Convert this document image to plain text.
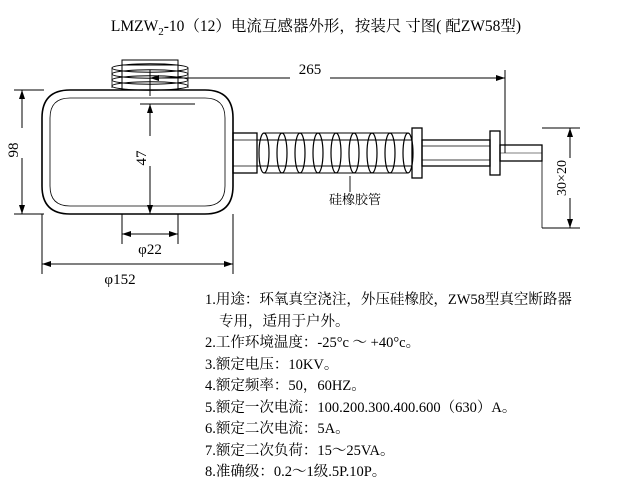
$LMZW_2-10(12)$电流互感器外形，按装尺 寸图( 配ZW58型)
265
98
47
φ22
φ152
30×20
硅橡胶管
1.用途：环氧真空浇注，外压硅橡胶，ZW58型真空断路器
专用，适用于户外。
2.工作环境温度：-25°c 〜 +40°c。
3.额定电压：10KV。
4.额定频率：50，60HZ。
5.额定一次电流：100.200.300.400.600（630）A。
6.额定二次电流：5A。
7.额定二次负荷：15〜25VA。
8.准确级：0.2〜1级.5P.10P。
